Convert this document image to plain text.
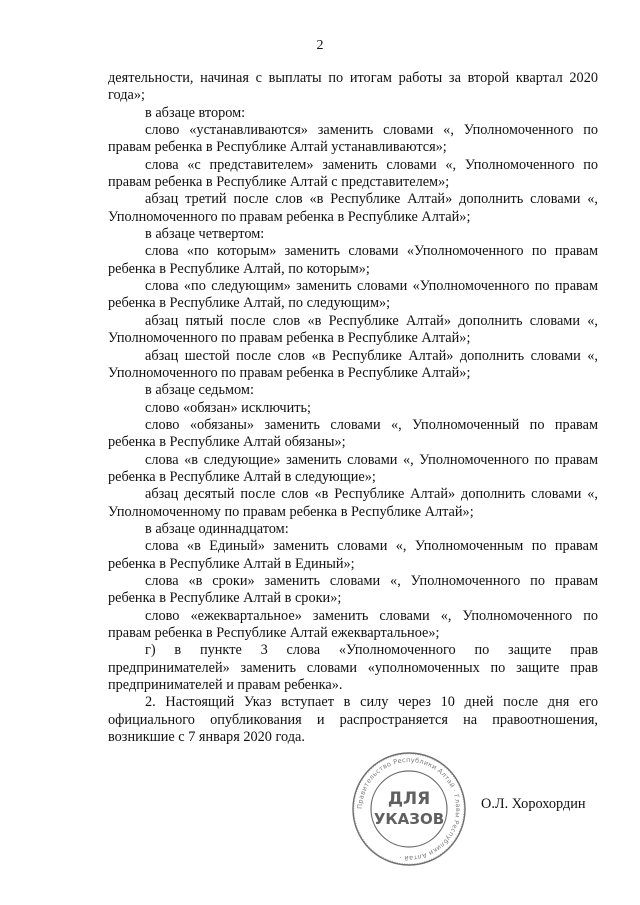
2

деятельности, начиная с выплаты по итогам работы за второй квартал 2020 года»;

в абзаце втором:

слово «устанавливаются» заменить словами «, Уполномоченного по правам ребенка в Республике Алтай устанавливаются»;

слова «с представителем» заменить словами «, Уполномоченного по правам ребенка в Республике Алтай с представителем»;

абзац третий после слов «в Республике Алтай» дополнить словами «, Уполномоченного по правам ребенка в Республике Алтай»;

в абзаце четвертом:

слова «по которым» заменить словами «Уполномоченного по правам ребенка в Республике Алтай, по которым»;

слова «по следующим» заменить словами «Уполномоченного по правам ребенка в Республике Алтай, по следующим»;

абзац пятый после слов «в Республике Алтай» дополнить словами «, Уполномоченного по правам ребенка в Республике Алтай»;

абзац шестой после слов «в Республике Алтай» дополнить словами «, Уполномоченного по правам ребенка в Республике Алтай»;

в абзаце седьмом:

слово «обязан» исключить;

слово «обязаны» заменить словами «, Уполномоченный по правам ребенка в Республике Алтай обязаны»;

слова «в следующие» заменить словами «, Уполномоченного по правам ребенка в Республике Алтай в следующие»;

абзац десятый после слов «в Республике Алтай» дополнить словами «, Уполномоченному по правам ребенка в Республике Алтай»;

в абзаце одиннадцатом:

слова «в Единый» заменить словами «, Уполномоченным по правам ребенка в Республике Алтай в Единый»;

слова «в сроки» заменить словами «, Уполномоченного по правам ребенка в Республике Алтай в сроки»;

слово «ежеквартальное» заменить словами «, Уполномоченного по правам ребенка в Республике Алтай ежеквартальное»;

г) в пункте 3 слова «Уполномоченного по защите прав предпринимателей» заменить словами «уполномоченных по защите прав предпринимателей и правам ребенка».

2. Настоящий Указ вступает в силу через 10 дней после дня его официального опубликования и распространяется на правоотношения, возникшие с 7 января 2020 года.

Правительство Республики Алтай · Главы Республики Алтай ·
ДЛЯ
УКАЗОВ
О.Л. Хорохордин
